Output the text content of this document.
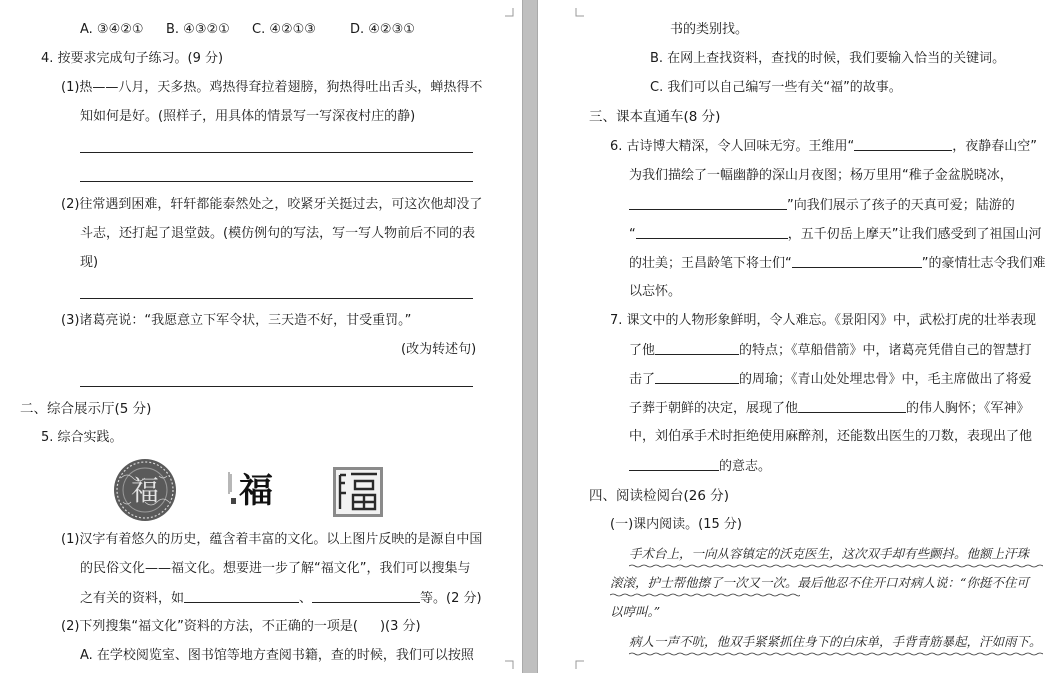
A. ③④②① B. ④③②① C. ④②①③	D. ④②③①
4. 按要求完成句子练习。(9 分)
(1)热——八月，天多热。鸡热得耷拉着翅膀，狗热得吐出舌头，蝉热得不
知如何是好。(照样子，用具体的情景写一写深夜村庄的静)
(2)往常遇到困难，轩轩都能泰然处之，咬紧牙关挺过去，可这次他却没了
斗志，还打起了退堂鼓。(模仿例句的写法，写一写人物前后不同的表
现)
(3)诸葛亮说：“我愿意立下军令状，三天造不好，甘受重罚。”
(改为转述句)
二、综合展示厅(5 分)
5. 综合实践。
福 福
(1)汉字有着悠久的历史，蕴含着丰富的文化。以上图片反映的是源自中国
的民俗文化——福文化。想要进一步了解“福文化”，我们可以搜集与
之有关的资料，如	、	等。(2 分)
(2)下列搜集“福文化”资料的方法，不正确的一项是( )(3 分)
A. 在学校阅览室、图书馆等地方查阅书籍，查的时候，我们可以按照
书的类别找。
B. 在网上查找资料，查找的时候，我们要输入恰当的关键词。
C. 我们可以自己编写一些有关“福”的故事。
三、课本直通车(8 分)
6. 古诗博大精深，令人回味无穷。王维用“	，夜静春山空”
为我们描绘了一幅幽静的深山月夜图；杨万里用“稚子金盆脱晓冰，
”向我们展示了孩子的天真可爱；陆游的
“	，五千仞岳上摩天”让我们感受到了祖国山河
的壮美；王昌龄笔下将士们“	”的豪情壮志令我们难
以忘怀。
7. 课文中的人物形象鲜明，令人难忘。《景阳冈》中，武松打虎的壮举表现
了他	的特点；《草船借箭》中，诸葛亮凭借自己的智慧打
击了	的周瑜；《青山处处埋忠骨》中，毛主席做出了将爱
子葬于朝鲜的决定，展现了他	的伟人胸怀；《军神》
中，刘伯承手术时拒绝使用麻醉剂，还能数出医生的刀数，表现出了他
的意志。
四、阅读检阅台(26 分)
(一)课内阅读。(15 分)
手术台上，一向从容镇定的沃克医生，这次双手却有些颤抖。他额上汗珠
滚滚，护士帮他擦了一次又一次。最后他忍不住开口对病人说：“你挺不住可
以哼叫。”
病人一声不吭，他双手紧紧抓住身下的白床单，手背青筋暴起，汗如雨下。
